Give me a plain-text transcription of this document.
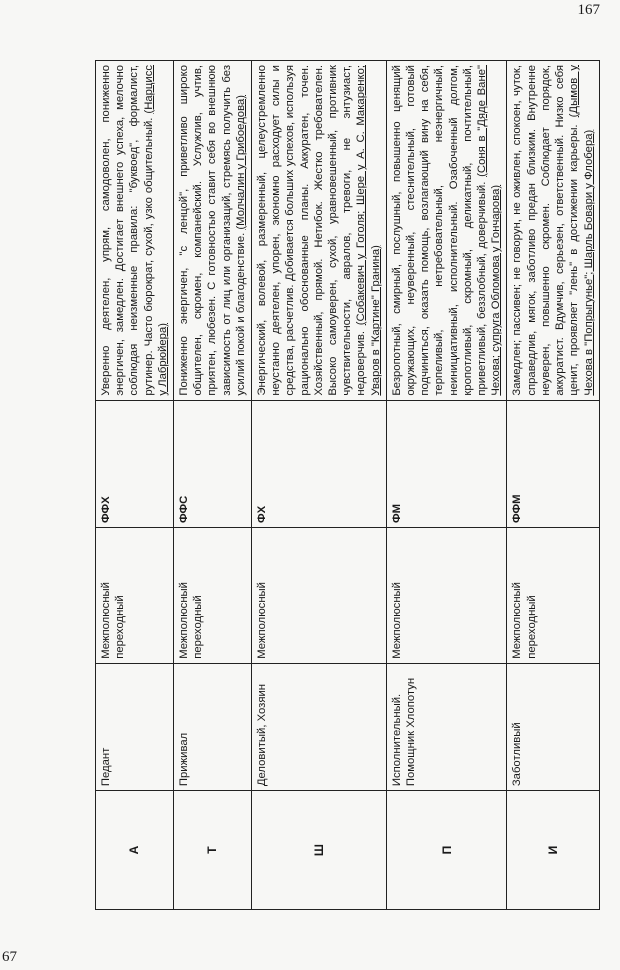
167
67
А	Педант	Межполюсный переходный	ФФХ	Уверенно деятелен, упрям, самодоволен, пониженно энергичен, замедлен. Достигает внешнего успеха, мелочно соблюдая неизменные правила: "буквоед", формалист, рутинер. Часто бюрократ, сухой, узко общительный. (Нарцисс у Лабрюйера)
Т	Приживал	Межполюсный переходный	ФФС	Пониженно энергичен, "с ленцой", приветливо широко общителен, скромен, компанейский. Услужлив, учтив, приятен, любезен. С готовностью ставит себя во внешнюю зависимость от лиц или организаций, стремясь получить без усилий покой и благоденствие. (Молчалин у Грибоедова)
Ш	Деловитый, Хозяин	Межполюсный	ФХ	Энергический, волевой, размеренный, целеустремленно неустанно деятелен, упорен, экономно расходует силы и средства, расчетлив. Добивается больших успехов, используя рационально обоснованные планы. Аккуратен, точен. Хозяйственный, прямой. Нетибок. Жестко требователен. Высоко самоуверен, сухой, уравновешенный, противник чувствительности, авралов, тревоги, не энтузиаст, недоверчив. (Собакевич у Гоголя; Шере у А. С. Макаренко; Уваров в "Картине" Гранина)
П	Исполнительный. Помощник Хлопотун	Межполюсный	ФМ	Безропотный, смирный, послушный, повышенно ценящий окружающих, неуверенный, стеснительный, готовый подчиниться, оказать помощь, возлагающий вину на себя, терпеливый, нетребовательный, неэнергичный, неинициативный, исполнительный. Озабоченный долгом, кропотливый, скромный, деликатный, почтительный, приветливый, беззлобный, доверчивый. (Соня в "Дяде Ване" Чехова; супруга Обломова у Гончарова)
И	Заботливый	Межполюсный переходный	ФФМ	Замедлен; пассивен; не говорун, не оживлен, спокоен, чуток, справедлив, мягок, заботливо предан близким. Внутренне неуверен, повышенно скромен. Соблюдает порядок, аккуратист. Вдумчив, серьезен, ответственный. Низко себя ценит, проявляет "лень" в достижении карьеры. (Дымов у Чехова в "Попрыгунье"; Шарль Бовари у Флобера)
